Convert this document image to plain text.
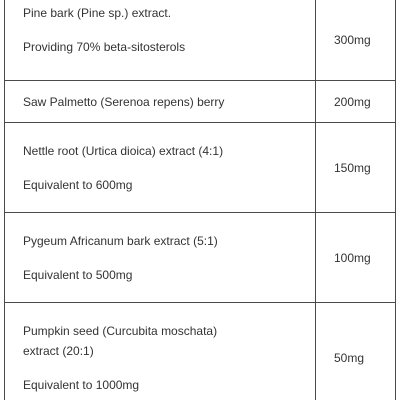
Pine bark (Pine sp.) extract.
Providing 70% beta-sitosterols	300mg

Saw Palmetto (Serenoa repens) berry	200mg

Nettle root (Urtica dioica) extract (4:1)
Equivalent to 600mg	150mg

Pygeum Africanum bark extract (5:1)
Equivalent to 500mg	100mg

Pumpkin seed (Curcubita moschata)
extract (20:1)
Equivalent to 1000mg	50mg
